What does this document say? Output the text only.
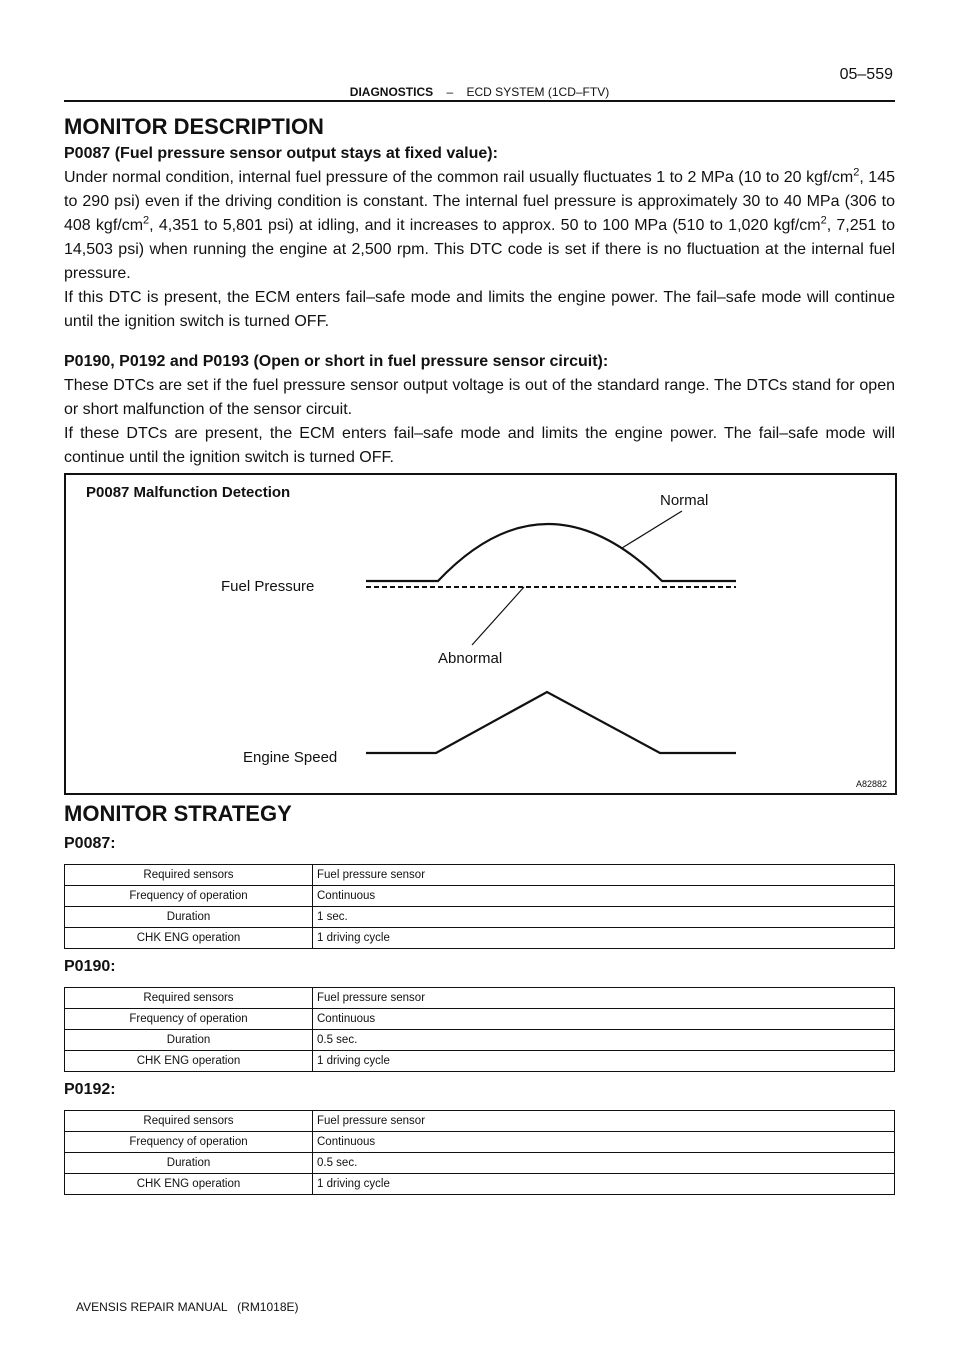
DIAGNOSTICS – ECD SYSTEM (1CD–FTV)
05–559
MONITOR DESCRIPTION
P0087 (Fuel pressure sensor output stays at fixed value):

Under normal condition, internal fuel pressure of the common rail usually fluctuates 1 to 2 MPa (10 to 20 kgf/$cm^2$, 145 to 290 psi) even if the driving condition is constant. The internal fuel pressure is approximately 30 to 40 MPa (306 to 408 kgf/$cm^2$, 4,351 to 5,801 psi) at idling, and it increases to approx. 50 to 100 MPa (510 to 1,020 kgf/$cm^2$, 7,251 to 14,503 psi) when running the engine at 2,500 rpm. This DTC code is set if there is no fluctuation at the internal fuel pressure.

If this DTC is present, the ECM enters fail–safe mode and limits the engine power. The fail–safe mode will continue until the ignition switch is turned OFF.

P0190, P0192 and P0193 (Open or short in fuel pressure sensor circuit):

These DTCs are set if the fuel pressure sensor output voltage is out of the standard range. The DTCs stand for open or short malfunction of the sensor circuit.

If these DTCs are present, the ECM enters fail–safe mode and limits the engine power. The fail–safe mode will continue until the ignition switch is turned OFF.

P0087 Malfunction Detection	Normal
Fuel Pressure
Abnormal
Engine Speed
A82882
MONITOR STRATEGY
P0087:
Required sensors	Fuel pressure sensor
Frequency of operation	Continuous
Duration	1 sec.
CHK ENG operation	1 driving cycle
P0190:
Required sensors	Fuel pressure sensor
Frequency of operation	Continuous
Duration	0.5 sec.
CHK ENG operation	1 driving cycle
P0192:
Required sensors	Fuel pressure sensor
Frequency of operation	Continuous
Duration	0.5 sec.
CHK ENG operation	1 driving cycle
AVENSIS REPAIR MANUAL   (RM1018E)
